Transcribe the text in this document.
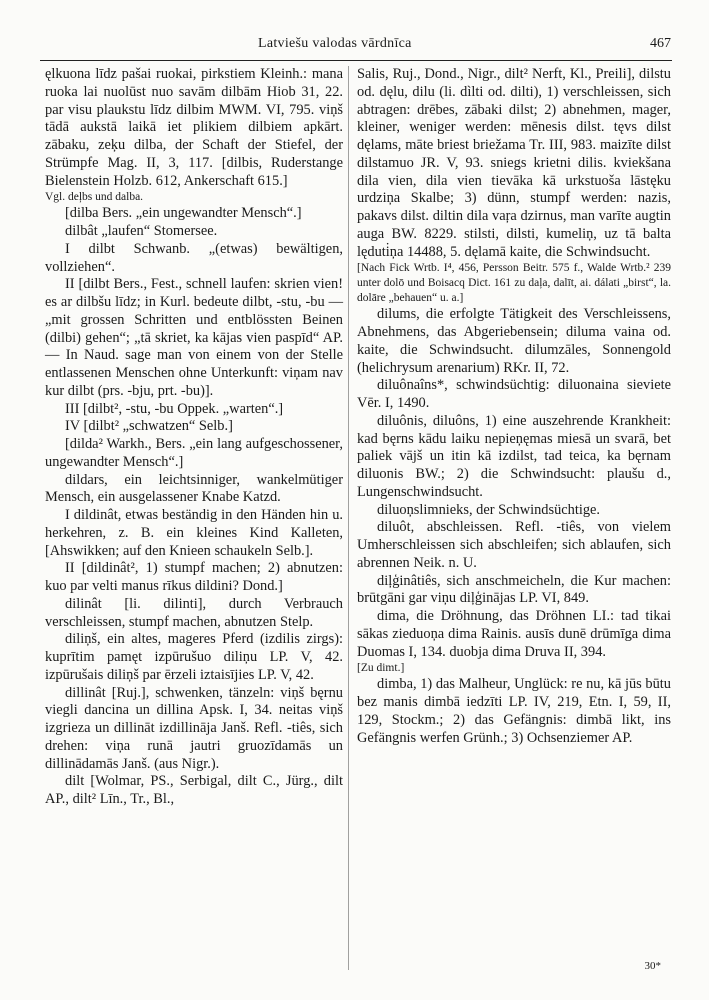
Latviešu valodas vārdnīca	467

ęlkuona līdz pašai ruokai, pirkstiem Kleinh.: mana ruoka lai nuolūst nuo savām dilbām Hiob 31, 22. par visu plaukstu līdz dilbim MWM. VI, 795. viņš tādā aukstā laikā iet plikiem dilbiem apkārt. zābaku, zeķu dilba, der Schaft der Stiefel, der Strümpfe Mag. II, 3, 117. [dilbis, Ruderstange Bielenstein Holzb. 612, Ankerschaft 615.]

Vgl. deļbs und dalba.

[dilba Bers. „ein ungewandter Mensch“.]

dilbât „laufen“ Stomersee.

I dilbt Schwanb. „(etwas) bewältigen, vollziehen“.

II [dilbt Bers., Fest., schnell laufen: skrien vien! es ar dilbšu līdz; in Kurl. bedeute dilbt, -stu, -bu — „mit grossen Schritten und entblössten Beinen (dilbi) gehen“; „tā skriet, ka kājas vien paspīd“ AP. — In Naud. sage man von einem von der Stelle entlassenen Menschen ohne Unterkunft: viņam nav kur dilbt (prs. -bju, prt. -bu)].

III [dilbt², -stu, -bu Oppek. „warten“.]

IV [dilbt² „schwatzen“ Selb.]

[dilda² Warkh., Bers. „ein lang aufgeschossener, ungewandter Mensch“.]

dildars, ein leichtsinniger, wankelmütiger Mensch, ein ausgelassener Knabe Katzd.

I dildinât, etwas beständig in den Händen hin u. herkehren, z. B. ein kleines Kind Kalleten, [Ahswikken; auf den Knieen schaukeln Selb.].

II [dildinât², 1) stumpf machen; 2) abnutzen: kuo par velti manus rīkus dildini? Dond.]

dilinât [li. dilinti], durch Verbrauch verschleissen, stumpf machen, abnutzen Stelp.

diliņš, ein altes, mageres Pferd (izdilis zirgs): kuprītim pamęt izpūrušuo diliņu LP. V, 42. izpūrušais diliņš par ērzeli iztaisījies LP. V, 42.

dillinât [Ruj.], schwenken, tänzeln: viņš bęrnu viegli dancina un dillina Apsk. I, 34. neitas viņš izgrieza un dillināt izdillināja Janš. Refl. -tiês, sich drehen: viņa runā jautri gruozīdamās un dillinādamās Janš. (aus Nigr.).

dilt [Wolmar, PS., Serbigal, dilt C., Jürg., dilt AP., dilt² Līn., Tr., Bl.,

Salis, Ruj., Dond., Nigr., dilt² Nerft, Kl., Preili], dilstu od. dęlu, dilu (li. dìlti od. dilti), 1) verschleissen, sich abtragen: drēbes, zābaki dilst; 2) abnehmen, mager, kleiner, weniger werden: mēnesis dilst. tęvs dilst dęlams, māte briest briežama Tr. III, 983. maizīte dilst dilstamuo JR. V, 93. sniegs krietni dilis. kviekšana dila vien, dila vien tievāka kā urkstuoša lāstęku urdziņa Skalbe; 3) dünn, stumpf werden: nazis, pakavs dilst. diltin dila vaŗa dzirnus, man varīte augtin auga BW. 8229. stilsti, dilsti, kumeliņ, uz tā balta lęduti̇ņa 14488, 5. dęlamā kaite, die Schwindsucht.

[Nach Fick Wrtb. I⁴, 456, Persson Beitr. 575 f., Walde Wrtb.² 239 unter dolō und Boisacq Dict. 161 zu daļa, dalīt, ai. dálati „birst“, la. dolāre „behauen“ u. a.]

dilums, die erfolgte Tätigkeit des Verschleissens, Abnehmens, das Abgeriebensein; diluma vaina od. kaite, die Schwindsucht. dilumzāles, Sonnengold (helichrysum arenarium) RKr. II, 72.

diluônaîns*, schwindsüchtig: diluonaina sieviete Vēr. I, 1490.

diluônis, diluôns, 1) eine auszehrende Krankheit: kad bęrns kādu laiku nepieņęmas miesā un svarā, bet paliek vājš un itin kā izdilst, tad teica, ka bęrnam diluonis BW.; 2) die Schwindsucht: plaušu d., Lungenschwindsucht.

diluoņslimnieks, der Schwindsüchtige.

diluôt, abschleissen. Refl. -tiês, von vielem Umherschleissen sich abschleifen; sich ablaufen, sich abrennen Neik. n. U.

diļģinâtiês, sich anschmeicheln, die Kur machen: brūtgāni gar viņu diļģinājas LP. VI, 849.

dima, die Dröhnung, das Dröhnen LI.: tad tikai sākas zieduoņa dima Rainis. ausīs dunē drūmīga dima Duomas I, 134. duobja dima Druva II, 394.

[Zu dimt.]

dimba, 1) das Malheur, Unglück: re nu, kā jūs būtu bez manis dimbā iedzīti LP. IV, 219, Etn. I, 59, II, 129, Stockm.; 2) das Gefängnis: dimbā likt, ins Gefängnis werfen Grünh.; 3) Ochsenziemer AP.

30*
